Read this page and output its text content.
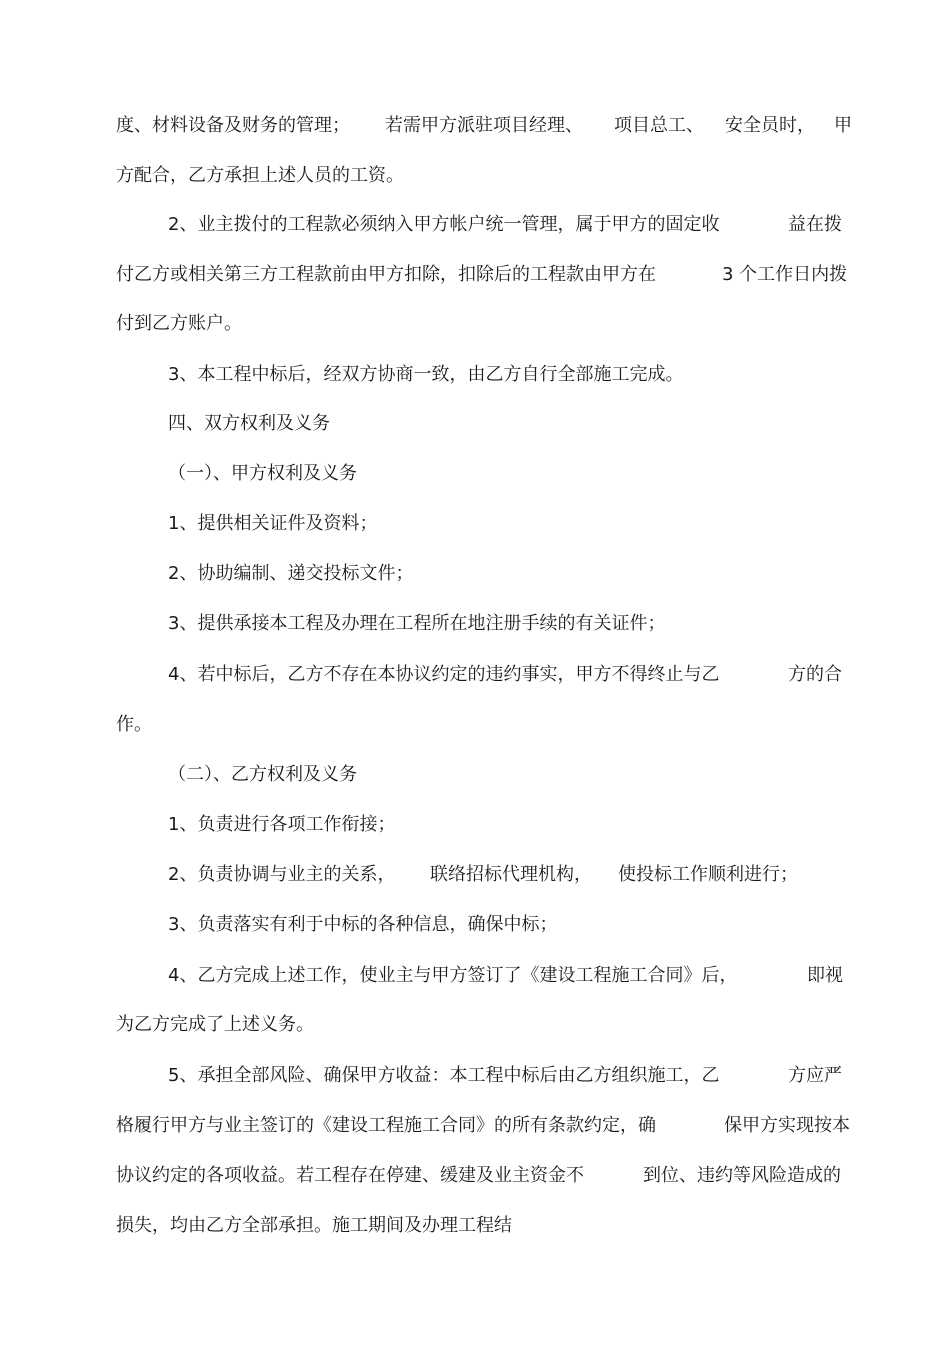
度、材料设备及财务的管理； 若需甲方派驻项目经理、 项目总工、 安全员时， 甲
方配合，乙方承担上述人员的工资。
2、业主拨付的工程款必须纳入甲方帐户统一管理，属于甲方的固定收	益在拨
付乙方或相关第三方工程款前由甲方扣除，扣除后的工程款由甲方在	3 个工作日内拨
付到乙方账户。
3、本工程中标后，经双方协商一致，由乙方自行全部施工完成。
四、双方权利及义务
（一）、甲方权利及义务
1、提供相关证件及资料；
2、协助编制、递交投标文件；
3、提供承接本工程及办理在工程所在地注册手续的有关证件；
4、若中标后，乙方不存在本协议约定的违约事实，甲方不得终止与乙	方的合
作。
（二）、乙方权利及义务
1、负责进行各项工作衔接；
2、负责协调与业主的关系， 联络招标代理机构， 使投标工作顺利进行；
3、负责落实有利于中标的各种信息，确保中标；
4、乙方完成上述工作，使业主与甲方签订了《建设工程施工合同》后，	即视
为乙方完成了上述义务。
5、承担全部风险、确保甲方收益：本工程中标后由乙方组织施工，乙	方应严
格履行甲方与业主签订的《建设工程施工合同》的所有条款约定，确	保甲方实现按本
协议约定的各项收益。若工程存在停建、缓建及业主资金不	到位、违约等风险造成的
损失，均由乙方全部承担。施工期间及办理工程结
